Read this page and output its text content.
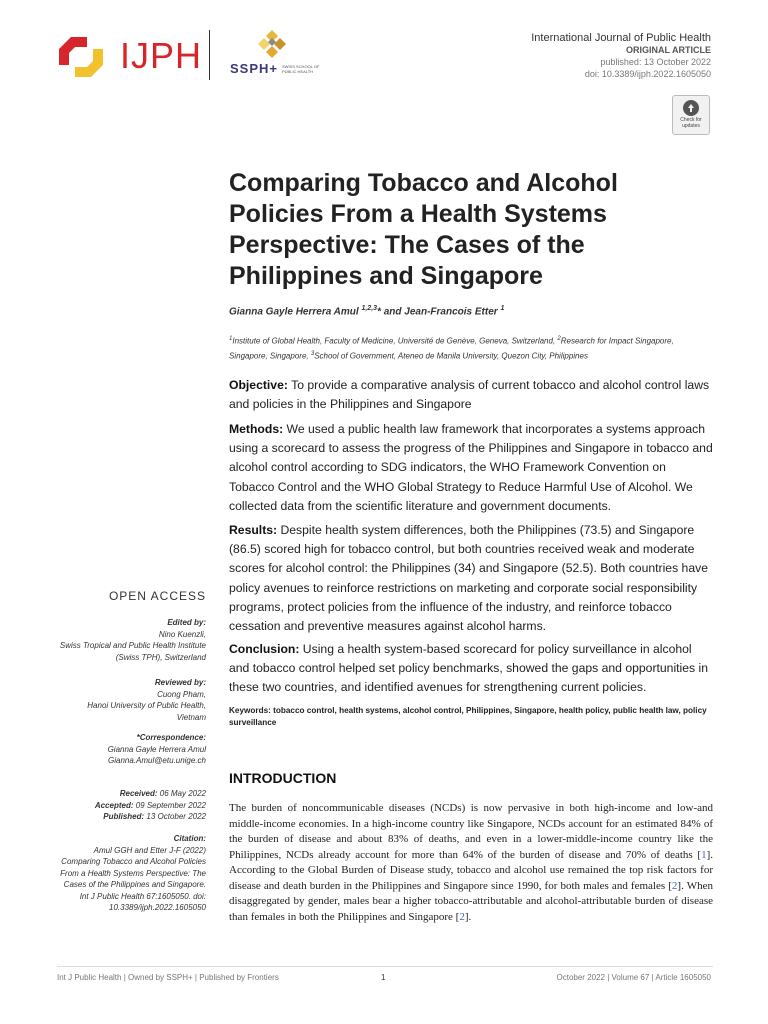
IJPH SSPH+ SWISS SCHOOL OF PUBLIC HEALTH
International Journal of Public Health
ORIGINAL ARTICLE
published: 13 October 2022
doi: 10.3389/ijph.2022.1605050
Check for updates
Comparing Tobacco and Alcohol Policies From a Health Systems Perspective: The Cases of the Philippines and Singapore
Gianna Gayle Herrera Amul $^{1,2,3}$* and Jean-Francois Etter $^1$
$^1$Institute of Global Health, Faculty of Medicine, Université de Genève, Geneva, Switzerland, $^2$Research for Impact Singapore, Singapore, Singapore, $^3$School of Government, Ateneo de Manila University, Quezon City, Philippines

Objective: To provide a comparative analysis of current tobacco and alcohol control laws and policies in the Philippines and Singapore

Methods: We used a public health law framework that incorporates a systems approach using a scorecard to assess the progress of the Philippines and Singapore in tobacco and alcohol control according to SDG indicators, the WHO Framework Convention on Tobacco Control and the WHO Global Strategy to Reduce Harmful Use of Alcohol. We collected data from the scientific literature and government documents.

Results: Despite health system differences, both the Philippines (73.5) and Singapore (86.5) scored high for tobacco control, but both countries received weak and moderate scores for alcohol control: the Philippines (34) and Singapore (52.5). Both countries have policy avenues to reinforce restrictions on marketing and corporate social responsibility programs, protect policies from the influence of the industry, and reinforce tobacco cessation and preventive measures against alcohol harms.

Conclusion: Using a health system-based scorecard for policy surveillance in alcohol and tobacco control helped set policy benchmarks, showed the gaps and opportunities in these two countries, and identified avenues for strengthening current policies.

Keywords: tobacco control, health systems, alcohol control, Philippines, Singapore, health policy, public health law, policy surveillance
INTRODUCTION

The burden of noncommunicable diseases (NCDs) is now pervasive in both high-income and low-and middle-income economies. In a high-income country like Singapore, NCDs account for an estimated 84% of the burden of disease and about 83% of deaths, and even in a lower-middle-income country like the Philippines, NCDs already account for more than 64% of the burden of disease and 70% of deaths [1]. According to the Global Burden of Disease study, tobacco and alcohol use remained the top risk factors for disease and death burden in the Philippines and Singapore since 1990, for both males and females [2]. When disaggregated by gender, males bear a higher tobacco-attributable and alcohol-attributable burden of disease than females in both the Philippines and Singapore [2].

OPEN ACCESS
Edited by:
Nino Kuenzli,
Swiss Tropical and Public Health Institute (Swiss TPH), Switzerland
Reviewed by:
Cuong Pham,
Hanoi University of Public Health, Vietnam
*Correspondence:
Gianna Gayle Herrera Amul
Gianna.Amul@etu.unige.ch
Received: 06 May 2022
Accepted: 09 September 2022
Published: 13 October 2022
Citation:
Amul GGH and Etter J-F (2022) Comparing Tobacco and Alcohol Policies From a Health Systems Perspective: The Cases of the Philippines and Singapore. Int J Public Health 67:1605050. doi: 10.3389/ijph.2022.1605050
Int J Public Health | Owned by SSPH+ | Published by Frontiers	1	October 2022 | Volume 67 | Article 1605050
